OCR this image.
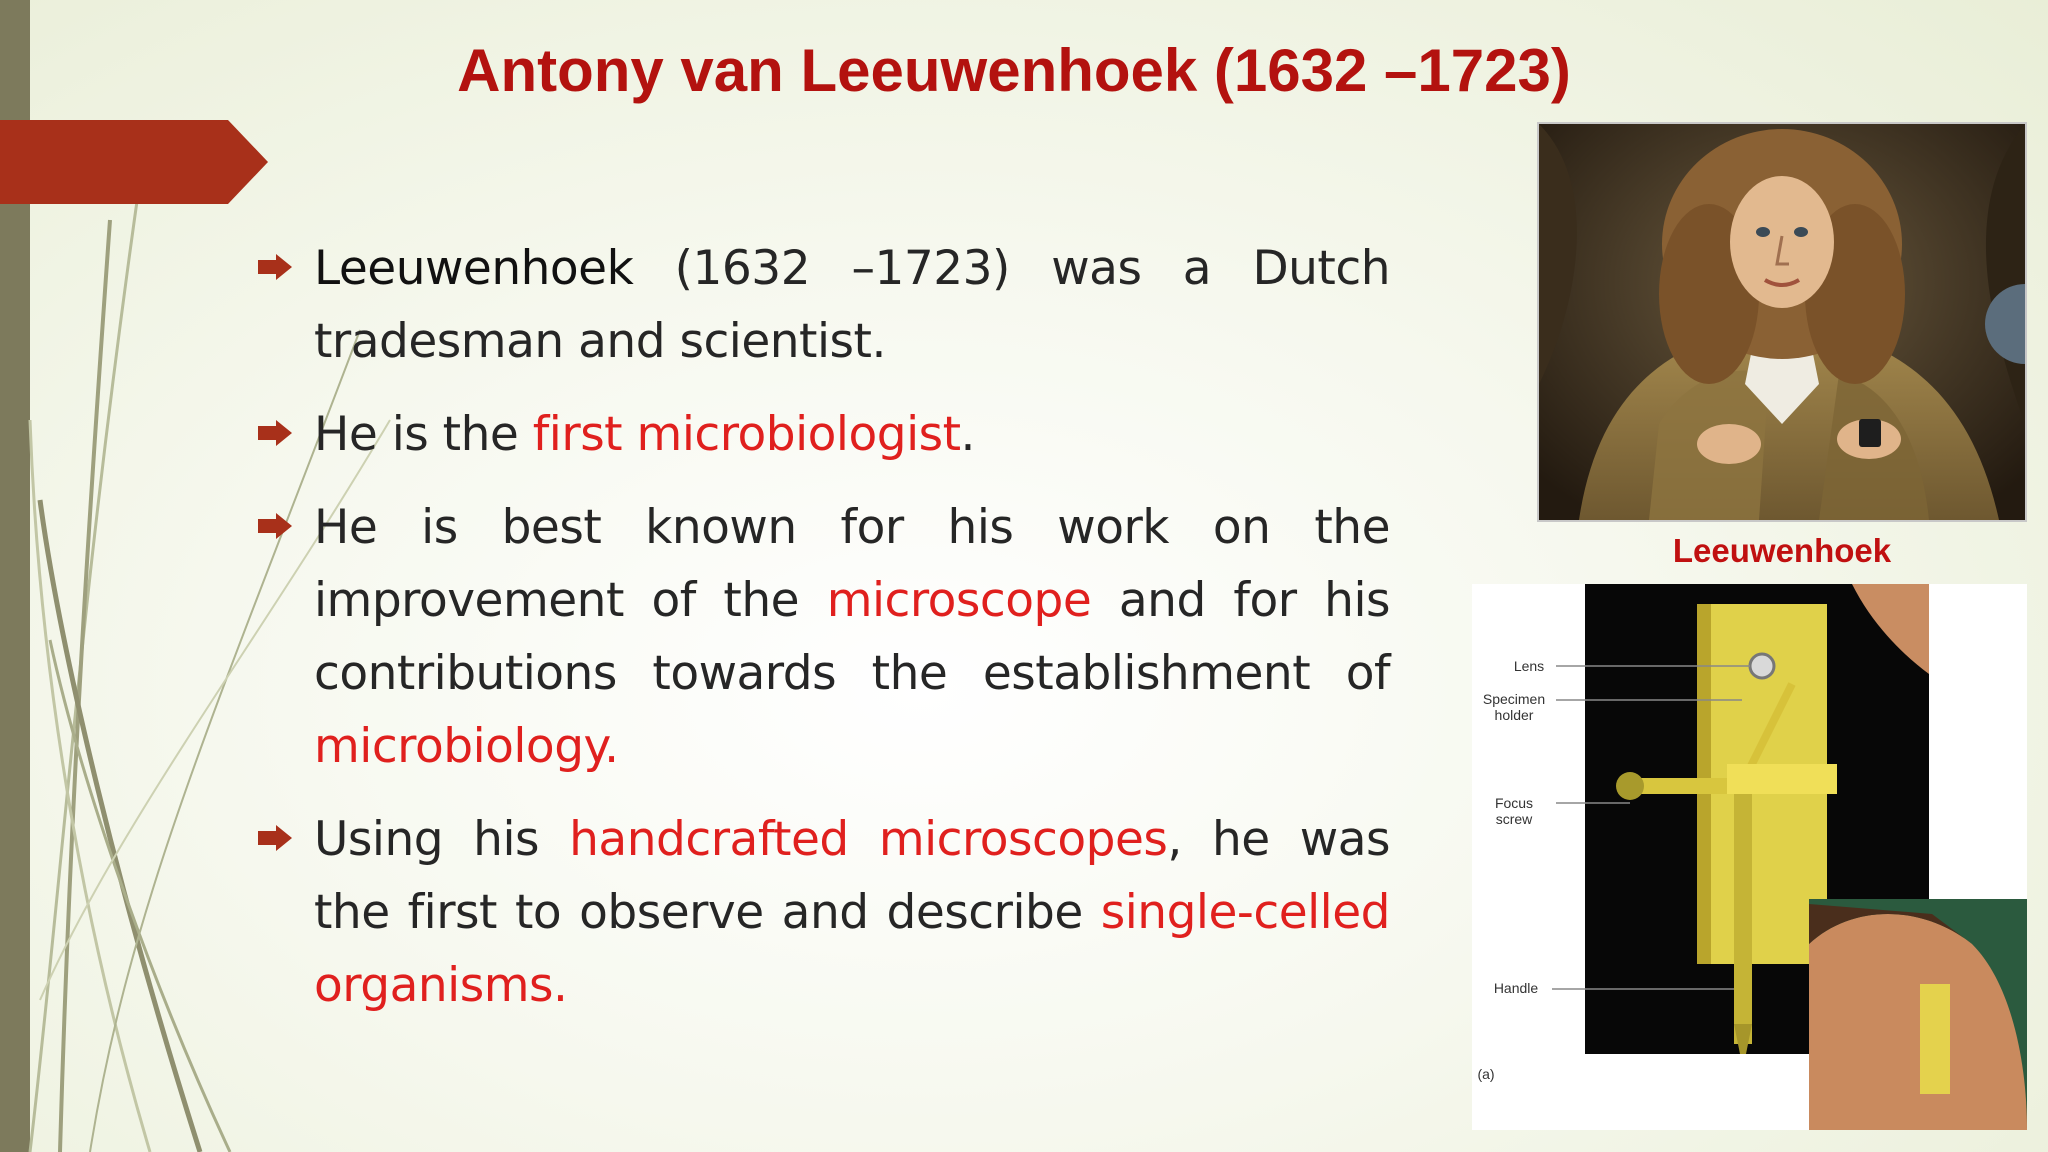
Antony van Leeuwenhoek (1632 –1723)
Leeuwenhoek (1632 –1723) was a Dutch tradesman and scientist.
He is the first microbiologist.
He is best known for his work on the improvement of the microscope and for his contributions towards the establishment of microbiology.
Using his handcrafted microscopes, he was the first to observe and describe single-celled organisms.
Leeuwenhoek
Lens
Specimen holder
Focus screw
Handle
(a)
